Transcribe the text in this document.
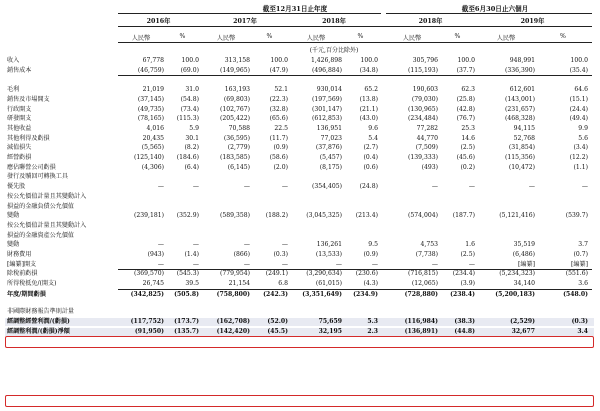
截至12月31日止年度	截至6月30日止六個月
2016年	2017年	2018年	2018年	2019年
人民幣	%	人民幣	%	人民幣	%	人民幣	%	人民幣	%
(千元,百分比除外)
收入	67,778	100.0	313,158	100.0	1,426,898	100.0	305,796	100.0	948,991	100.0
銷售成本	(46,759)	(69.0)	(149,965)	(47.9)	(496,884)	(34.8)	(115,193)	(37.7)	(336,390)	(35.4)
毛利	21,019	31.0	163,193	52.1	930,014	65.2	190,603	62.3	612,601	64.6
銷售及市場開支	(37,145)	(54.8)	(69,803)	(22.3)	(197,569)	(13.8)	(79,030)	(25.8)	(143,001)	(15.1)
行政開支	(49,735)	(73.4)	(102,767)	(32.8)	(301,147)	(21.1)	(130,965)	(42.8)	(231,657)	(24.4)
研發開支	(78,165)	(115.3)	(205,422)	(65.6)	(612,853)	(43.0)	(234,484)	(76.7)	(468,328)	(49.4)
其他收益	4,016	5.9	70,588	22.5	136,951	9.6	77,282	25.3	94,115	9.9
其他利得及虧損	20,435	30.1	(36,595)	(11.7)	77,023	5.4	44,770	14.6	52,768	5.6
減值損失	(5,565)	(8.2)	(2,779)	(0.9)	(37,876)	(2.7)	(7,509)	(2.5)	(31,854)	(3.4)
經營虧損	(125,140)	(184.6)	(183,585)	(58.6)	(5,457)	(0.4)	(139,333)	(45.6)	(115,356)	(12.2)
應佔聯營公司虧損	(4,306)	(6.4)	(6,145)	(2.0)	(8,175)	(0.6)	(493)	(0.2)	(10,472)	(1.1)
發行及贖回可轉換工具
優先股	—	—	—	—	(354,405)	(24.8)	—	—	—	—
按公允價值計量且其變動計入
損益的金融負債公允價值
變動	(239,181)	(352.9)	(589,358)	(188.2)	(3,045,325)	(213.4)	(574,004)	(187.7)	(5,121,416)	(539.7)
按公允價值計量且其變動計入
損益的金融資產公允價值
變動	—	—	—	—	136,261	9.5	4,753	1.6	35,519	3.7
財務費用	(943)	(1.4)	(866)	(0.3)	(13,533)	(0.9)	(7,738)	(2.5)	(6,486)	(0.7)
[編纂]開支	—	—	—	—	—	—	—	—	[編纂]	[編纂]
除稅前虧損	(369,570)	(545.3)	(779,954)	(249.1)	(3,290,634)	(230.6)	(716,815)	(234.4)	(5,234,323)	(551.6)
所得稅抵免/(開支)	26,745	39.5	21,154	6.8	(61,015)	(4.3)	(12,065)	(3.9)	34,140	3.6
年度/期間虧損	(342,825)	(505.8)	(758,800)	(242.3)	(3,351,649)	(234.9)	(728,880)	(238.4)	(5,200,183)	(548.0)
非國際財務報告準則計量
經調整經營利潤/(虧損)	(117,752)	(173.7)	(162,708)	(52.0)	75,659	5.3	(116,984)	(38.3)	(2,529)	(0.3)
經調整利潤/(虧損)淨額	(91,950)	(135.7)	(142,420)	(45.5)	32,195	2.3	(136,891)	(44.8)	32,677	3.4
